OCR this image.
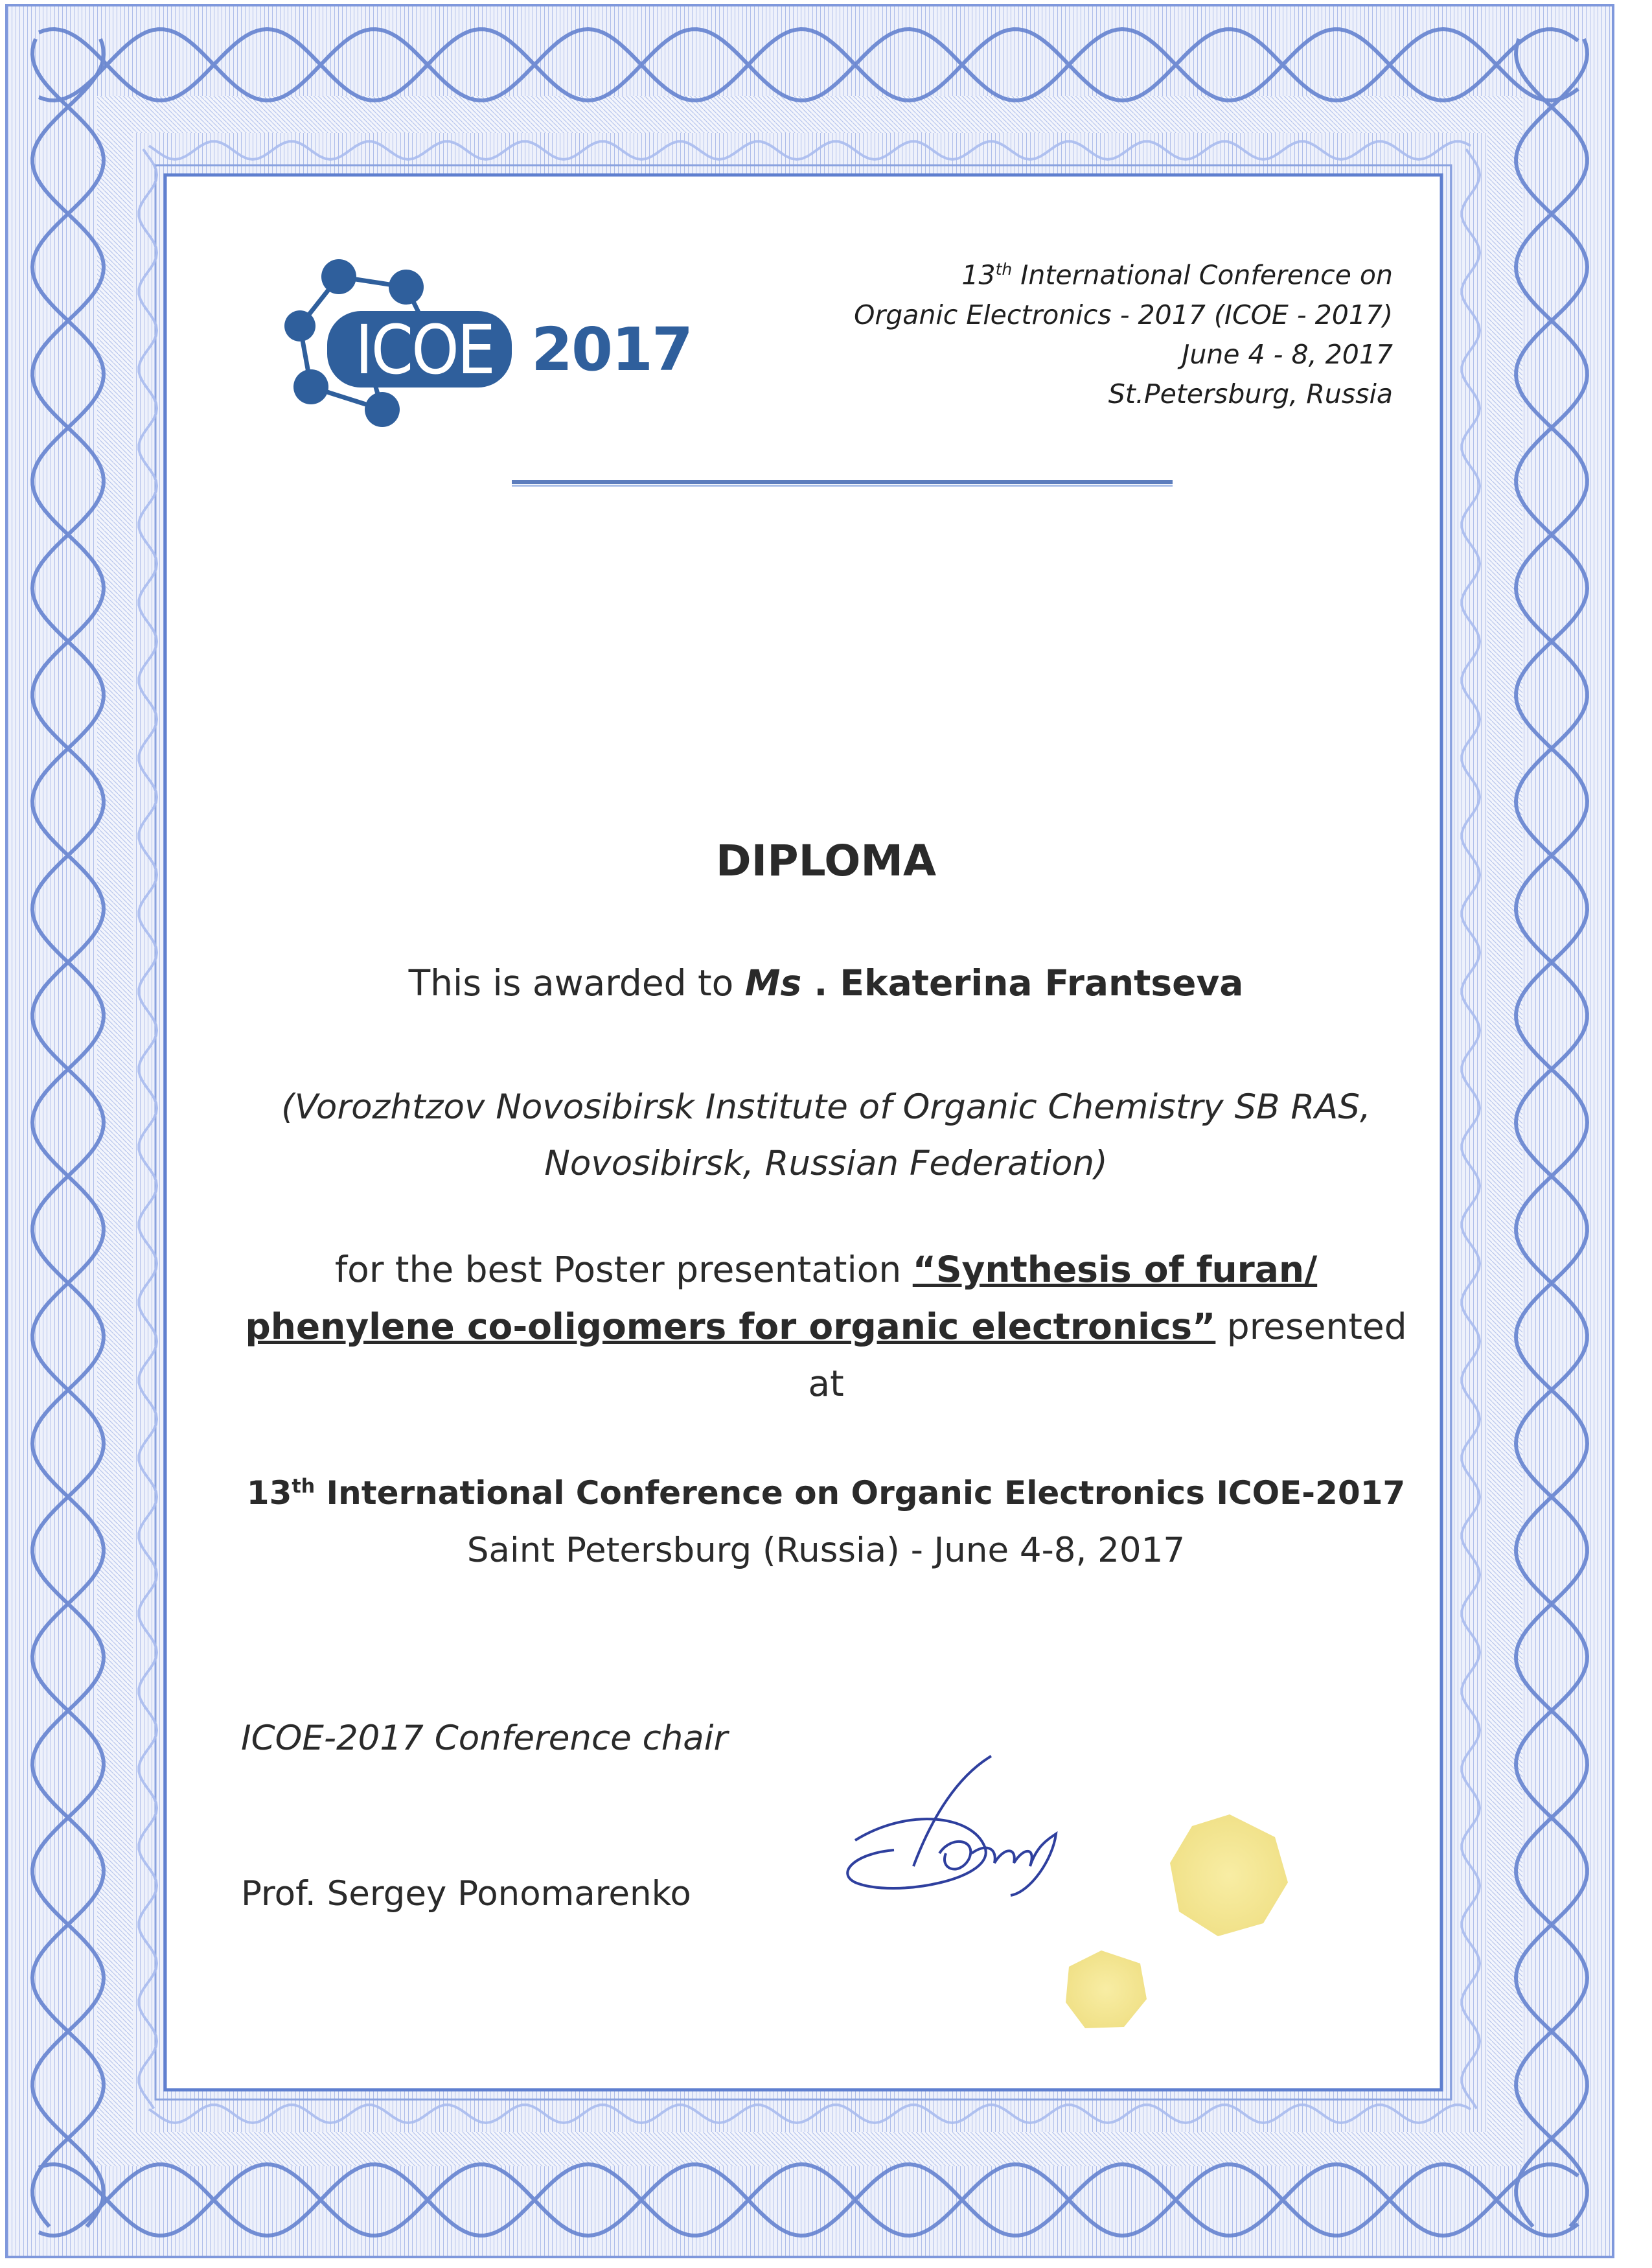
13th International Conference on
Organic Electronics - 2017 (ICOE - 2017)
June 4 - 8, 2017
St.Petersburg, Russia
ICOE 2017
DIPLOMA
This is awarded to Ms . Ekaterina Frantseva
(Vorozhtzov Novosibirsk Institute of Organic Chemistry SB RAS,
Novosibirsk, Russian Federation)
for the best Poster presentation “Synthesis of furan/
phenylene co-oligomers for organic electronics” presented
at
13th International Conference on Organic Electronics ICOE-2017
Saint Petersburg (Russia) - June 4-8, 2017
ICOE-2017 Conference chair
Prof. Sergey Ponomarenko
